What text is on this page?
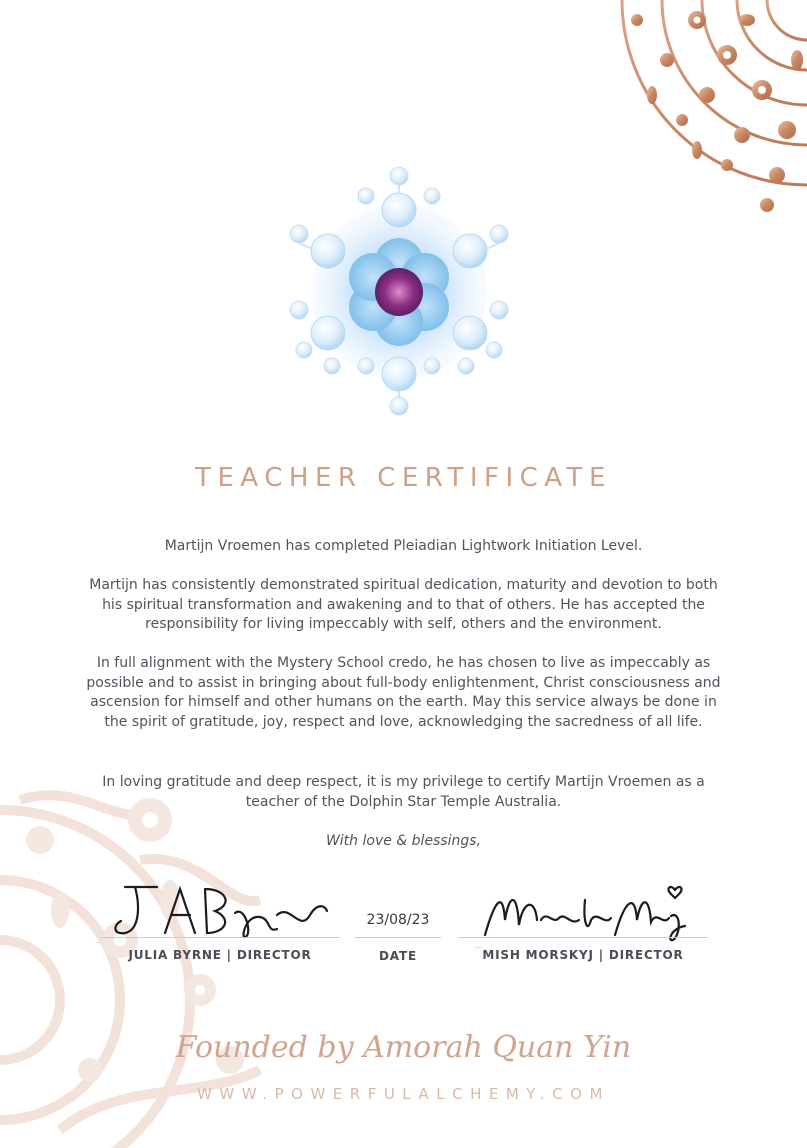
TEACHER CERTIFICATE

Martijn Vroemen has completed Pleiadian Lightwork Initiation Level.

Martijn has consistently demonstrated spiritual dedication, maturity and devotion to both his spiritual transformation and awakening and to that of others. He has accepted the responsibility for living impeccably with self, others and the environment.

In full alignment with the Mystery School credo, he has chosen to live as impeccably as possible and to assist in bringing about full-body enlightenment, Christ consciousness and ascension for himself and other humans on the earth. May this service always be done in the spirit of gratitude, joy, respect and love, acknowledging the sacredness of all life.

In loving gratitude and deep respect, it is my privilege to certify Martijn Vroemen as a teacher of the Dolphin Star Temple Australia.

With love & blessings,
J A Byrne
JULIA BYRNE | DIRECTOR
23/08/23
DATE
Mish Morskyj MISH MORSKYJ | DIRECTOR
Founded by Amorah Quan Yin
WWW.POWERFULALCHEMY.COM
